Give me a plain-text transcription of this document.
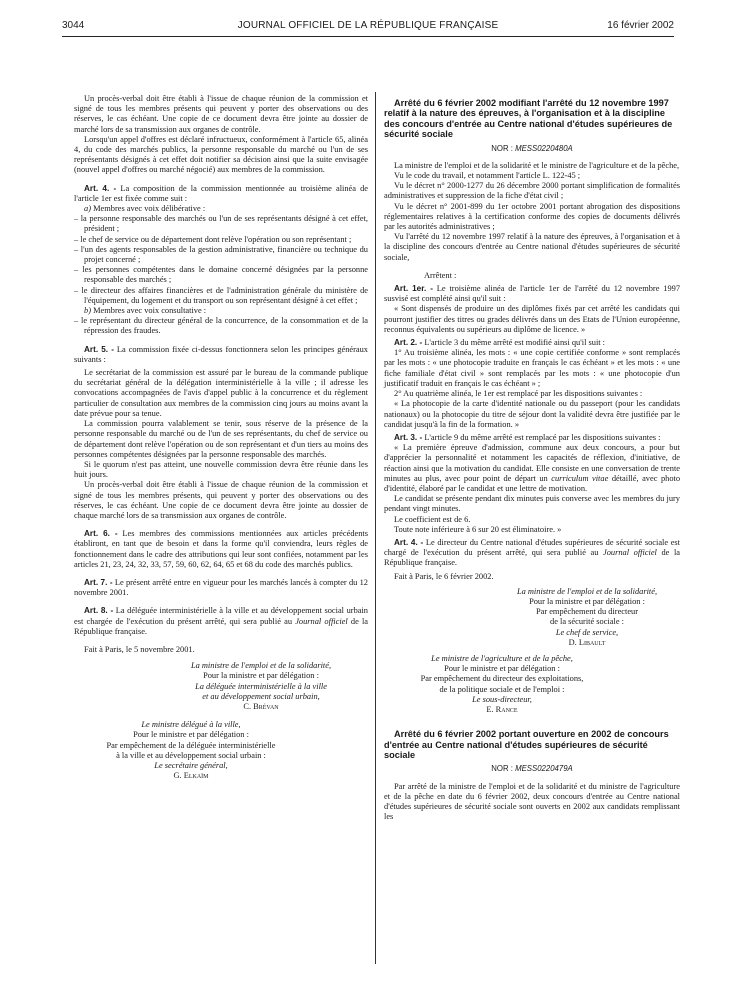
3044	JOURNAL OFFICIEL DE LA RÉPUBLIQUE FRANÇAISE	16 février 2002

Un procès-verbal doit être établi à l'issue de chaque réunion de la commission et signé de tous les membres présents qui peuvent y porter des observations ou des réserves, le cas échéant. Une copie de ce document devra être jointe au dossier de marché lors de sa transmission aux organes de contrôle.

Lorsqu'un appel d'offres est déclaré infructueux, conformément à l'article 65, alinéa 4, du code des marchés publics, la personne responsable du marché ou l'un de ses représentants désignés à cet effet doit notifier sa décision ainsi que la suite envisagée (nouvel appel d'offres ou marché négocié) aux membres de la commission.

Art. 4. - La composition de la commission mentionnée au troisième alinéa de l'article 1er est fixée comme suit :

a) Membres avec voix délibérative :

– la personne responsable des marchés ou l'un de ses représentants désigné à cet effet, président ;
– le chef de service ou de département dont relève l'opération ou son représentant ;
– l'un des agents responsables de la gestion administrative, financière ou technique du projet concerné ;
– les personnes compétentes dans le domaine concerné désignées par la personne responsable des marchés ;
– le directeur des affaires financières et de l'administration générale du ministère de l'équipement, du logement et du transport ou son représentant désigné à cet effet ;

b) Membres avec voix consultative :

– le représentant du directeur général de la concurrence, de la consommation et de la répression des fraudes.

Art. 5. - La commission fixée ci-dessus fonctionnera selon les principes généraux suivants :

Le secrétariat de la commission est assuré par le bureau de la commande publique du secrétariat général de la délégation interministérielle à la ville ; il adresse les convocations accompagnées de l'avis d'appel public à la concurrence et du règlement particulier de consultation aux membres de la commission cinq jours au moins avant la date prévue pour sa tenue.

La commission pourra valablement se tenir, sous réserve de la présence de la personne responsable du marché ou de l'un de ses représentants, du chef de service ou de département dont relève l'opération ou de son représentant et d'un tiers au moins des personnes compétentes désignées par la personne responsable des marchés.

Si le quorum n'est pas atteint, une nouvelle commission devra être réunie dans les huit jours.

Un procès-verbal doit être établi à l'issue de chaque réunion de la commission et signé de tous les membres présents, qui peuvent y porter des observations ou des réserves, le cas échéant. Une copie de ce document devra être jointe au dossier de chaque marché lors de sa transmission aux organes de contrôle.

Art. 6. - Les membres des commissions mentionnées aux articles précédents établiront, en tant que de besoin et dans la forme qu'il conviendra, leurs règles de fonctionnement dans le cadre des attributions qui leur sont confiées, notamment par les articles 21, 23, 24, 32, 33, 57, 59, 60, 62, 64, 65 et 68 du code des marchés publics.

Art. 7. - Le présent arrêté entre en vigueur pour les marchés lancés à compter du 12 novembre 2001.

Art. 8. - La déléguée interministérielle à la ville et au développement social urbain est chargée de l'exécution du présent arrêté, qui sera publié au Journal officiel de la République française.

Fait à Paris, le 5 novembre 2001.

La ministre de l'emploi et de la solidarité,

Pour la ministre et par délégation :

La déléguée interministérielle à la ville

et au développement social urbain,

C. Brévan

Le ministre délégué à la ville,

Pour le ministre et par délégation :

Par empêchement de la déléguée interministérielle

à la ville et au développement social urbain :

Le secrétaire général,

G. Elkaïm

Arrêté du 6 février 2002 modifiant l'arrêté du 12 novembre 1997 relatif à la nature des épreuves, à l'organisation et à la discipline des concours d'entrée au Centre national d'études supérieures de sécurité sociale

NOR : MESS0220480A

La ministre de l'emploi et de la solidarité et le ministre de l'agriculture et de la pêche,

Vu le code du travail, et notamment l'article L. 122-45 ;

Vu le décret n° 2000-1277 du 26 décembre 2000 portant simplification de formalités administratives et suppression de la fiche d'état civil ;

Vu le décret n° 2001-899 du 1er octobre 2001 portant abrogation des dispositions réglementaires relatives à la certification conforme des copies de documents délivrés par les autorités administratives ;

Vu l'arrêté du 12 novembre 1997 relatif à la nature des épreuves, à l'organisation et à la discipline des concours d'entrée au Centre national d'études supérieures de sécurité sociale,

Arrêtent :

Art. 1er. - Le troisième alinéa de l'article 1er de l'arrêté du 12 novembre 1997 susvisé est complété ainsi qu'il suit :

« Sont dispensés de produire un des diplômes fixés par cet arrêté les candidats qui pourront justifier des titres ou grades délivrés dans un des Etats de l'Union européenne, reconnus équivalents ou supérieurs au diplôme de licence. »

Art. 2. - L'article 3 du même arrêté est modifié ainsi qu'il suit :

1° Au troisième alinéa, les mots : « une copie certifiée conforme » sont remplacés par les mots : « une photocopie traduite en français le cas échéant » et les mots : « une fiche familiale d'état civil » sont remplacés par les mots : « une photocopie d'un justificatif traduit en français le cas échéant » ;

2° Au quatrième alinéa, le 1er est remplacé par les dispositions suivantes :

« La photocopie de la carte d'identité nationale ou du passeport (pour les candidats nationaux) ou la photocopie du titre de séjour dont la validité devra être justifiée par le candidat jusqu'à la fin de la formation. »

Art. 3. - L'article 9 du même arrêté est remplacé par les dispositions suivantes :

« La première épreuve d'admission, commune aux deux concours, a pour but d'apprécier la personnalité et notamment les capacités de réflexion, d'initiative, de réaction ainsi que la motivation du candidat. Elle consiste en une conversation de trente minutes au plus, avec pour point de départ un curriculum vitae détaillé, avec photo d'identité, élaboré par le candidat et une lettre de motivation.

Le candidat se présente pendant dix minutes puis converse avec les membres du jury pendant vingt minutes.

Le coefficient est de 6.

Toute note inférieure à 6 sur 20 est éliminatoire. »

Art. 4. - Le directeur du Centre national d'études supérieures de sécurité sociale est chargé de l'exécution du présent arrêté, qui sera publié au Journal officiel de la République française.

Fait à Paris, le 6 février 2002.

La ministre de l'emploi et de la solidarité,

Pour la ministre et par délégation :

Par empêchement du directeur

de la sécurité sociale :

Le chef de service,

D. Libault

Le ministre de l'agriculture et de la pêche,

Pour le ministre et par délégation :

Par empêchement du directeur des exploitations,

de la politique sociale et de l'emploi :

Le sous-directeur,

E. Rance

Arrêté du 6 février 2002 portant ouverture en 2002 de concours d'entrée au Centre national d'études supérieures de sécurité sociale

NOR : MESS0220479A

Par arrêté de la ministre de l'emploi et de la solidarité et du ministre de l'agriculture et de la pêche en date du 6 février 2002, deux concours d'entrée au Centre national d'études supérieures de sécurité sociale sont ouverts en 2002 aux candidats remplissant les
